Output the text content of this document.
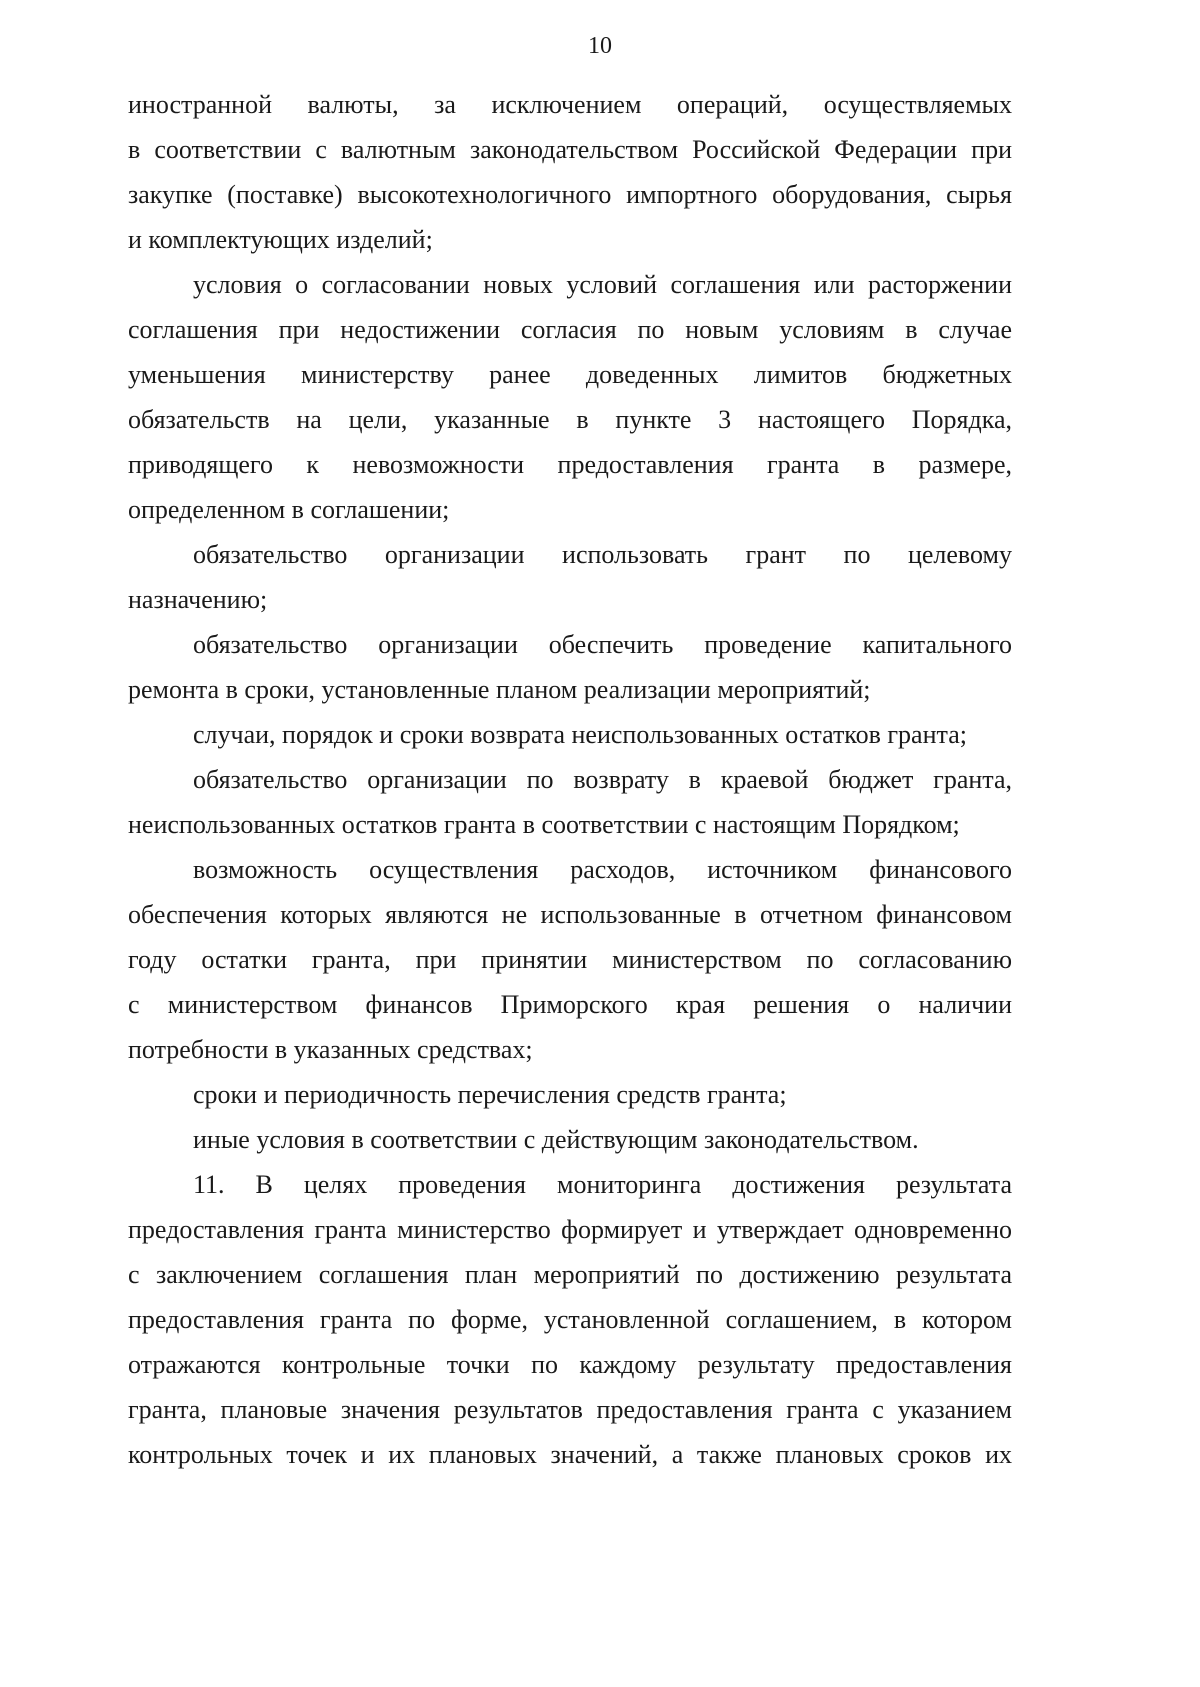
10
иностранной валюты, за исключением операций, осуществляемых
в соответствии с валютным законодательством Российской Федерации при
закупке (поставке) высокотехнологичного импортного оборудования, сырья
и комплектующих изделий;
условия о согласовании новых условий соглашения или расторжении
соглашения при недостижении согласия по новым условиям в случае
уменьшения министерству ранее доведенных лимитов бюджетных
обязательств на цели, указанные в пункте 3 настоящего Порядка,
приводящего к невозможности предоставления гранта в размере,
определенном в соглашении;
обязательство организации использовать грант по целевому
назначению;
обязательство организации обеспечить проведение капитального
ремонта в сроки, установленные планом реализации мероприятий;
случаи, порядок и сроки возврата неиспользованных остатков гранта;
обязательство организации по возврату в краевой бюджет гранта,
неиспользованных остатков гранта в соответствии с настоящим Порядком;
возможность осуществления расходов, источником финансового
обеспечения которых являются не использованные в отчетном финансовом
году остатки гранта, при принятии министерством по согласованию
с министерством финансов Приморского края решения о наличии
потребности в указанных средствах;
сроки и периодичность перечисления средств гранта;
иные условия в соответствии с действующим законодательством.
11. В целях проведения мониторинга достижения результата
предоставления гранта министерство формирует и утверждает одновременно
с заключением соглашения план мероприятий по достижению результата
предоставления гранта по форме, установленной соглашением, в котором
отражаются контрольные точки по каждому результату предоставления
гранта, плановые значения результатов предоставления гранта с указанием
контрольных точек и их плановых значений, а также плановых сроков их
